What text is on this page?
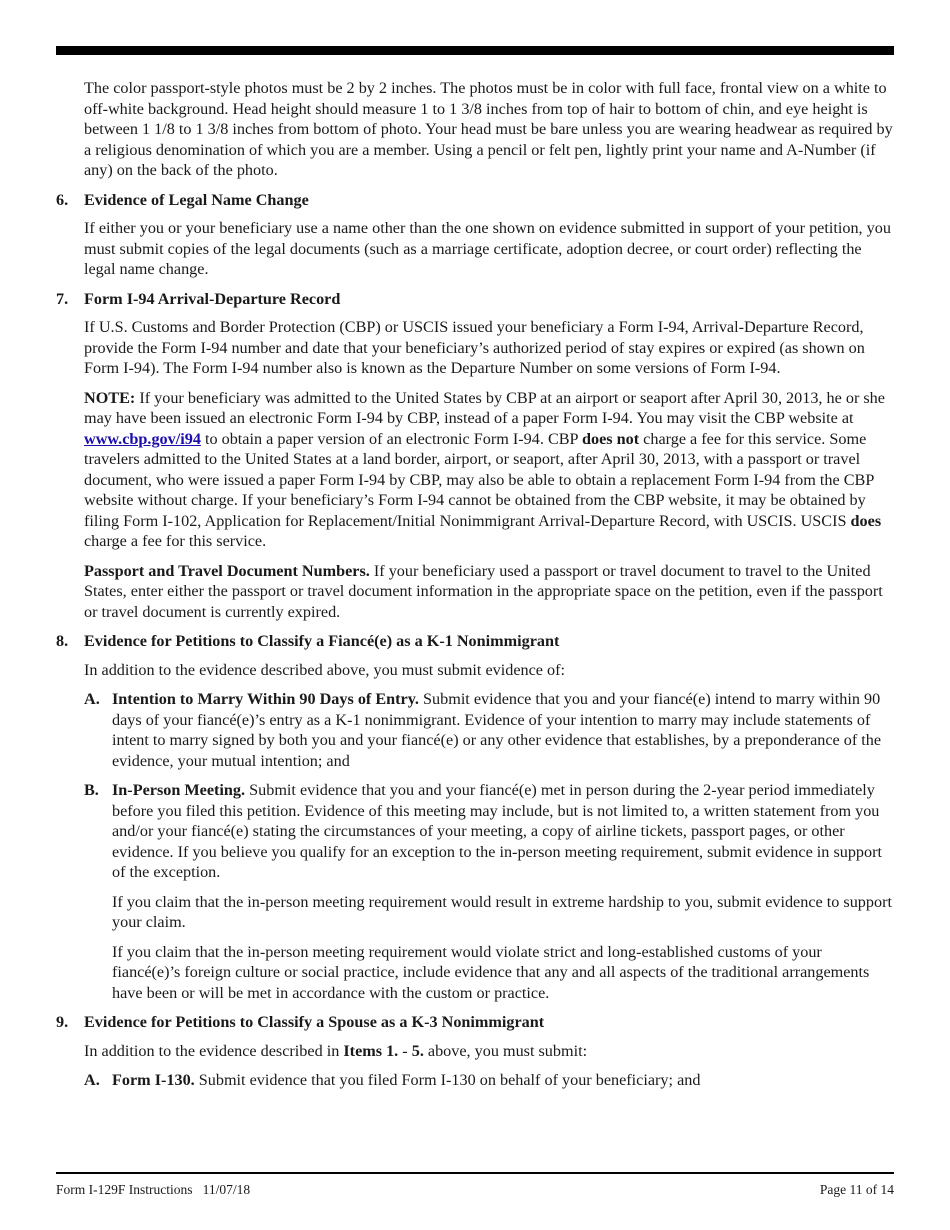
The color passport-style photos must be 2 by 2 inches. The photos must be in color with full face, frontal view on a white to off-white background. Head height should measure 1 to 1 3/8 inches from top of hair to bottom of chin, and eye height is between 1 1/8 to 1 3/8 inches from bottom of photo. Your head must be bare unless you are wearing headwear as required by a religious denomination of which you are a member. Using a pencil or felt pen, lightly print your name and A-Number (if any) on the back of the photo.

6. Evidence of Legal Name Change

If either you or your beneficiary use a name other than the one shown on evidence submitted in support of your petition, you must submit copies of the legal documents (such as a marriage certificate, adoption decree, or court order) reflecting the legal name change.

7. Form I-94 Arrival-Departure Record

If U.S. Customs and Border Protection (CBP) or USCIS issued your beneficiary a Form I-94, Arrival-Departure Record, provide the Form I-94 number and date that your beneficiary’s authorized period of stay expires or expired (as shown on Form I-94). The Form I-94 number also is known as the Departure Number on some versions of Form I-94.

NOTE: If your beneficiary was admitted to the United States by CBP at an airport or seaport after April 30, 2013, he or she may have been issued an electronic Form I-94 by CBP, instead of a paper Form I-94. You may visit the CBP website at www.cbp.gov/i94 to obtain a paper version of an electronic Form I-94. CBP does not charge a fee for this service. Some travelers admitted to the United States at a land border, airport, or seaport, after April 30, 2013, with a passport or travel document, who were issued a paper Form I-94 by CBP, may also be able to obtain a replacement Form I-94 from the CBP website without charge. If your beneficiary’s Form I-94 cannot be obtained from the CBP website, it may be obtained by filing Form I-102, Application for Replacement/Initial Nonimmigrant Arrival-Departure Record, with USCIS. USCIS does charge a fee for this service.

Passport and Travel Document Numbers. If your beneficiary used a passport or travel document to travel to the United States, enter either the passport or travel document information in the appropriate space on the petition, even if the passport or travel document is currently expired.

8. Evidence for Petitions to Classify a Fiancé(e) as a K-1 Nonimmigrant

In addition to the evidence described above, you must submit evidence of:

A. Intention to Marry Within 90 Days of Entry. Submit evidence that you and your fiancé(e) intend to marry within 90 days of your fiancé(e)’s entry as a K-1 nonimmigrant. Evidence of your intention to marry may include statements of intent to marry signed by both you and your fiancé(e) or any other evidence that establishes, by a preponderance of the evidence, your mutual intention; and
B. In-Person Meeting. Submit evidence that you and your fiancé(e) met in person during the 2-year period immediately before you filed this petition. Evidence of this meeting may include, but is not limited to, a written statement from you and/or your fiancé(e) stating the circumstances of your meeting, a copy of airline tickets, passport pages, or other evidence. If you believe you qualify for an exception to the in-person meeting requirement, submit evidence in support of the exception.

If you claim that the in-person meeting requirement would result in extreme hardship to you, submit evidence to support your claim.

If you claim that the in-person meeting requirement would violate strict and long-established customs of your fiancé(e)’s foreign culture or social practice, include evidence that any and all aspects of the traditional arrangements have been or will be met in accordance with the custom or practice.

9. Evidence for Petitions to Classify a Spouse as a K-3 Nonimmigrant

In addition to the evidence described in Items 1. - 5. above, you must submit:

A. Form I-130. Submit evidence that you filed Form I-130 on behalf of your beneficiary; and
Form I-129F Instructions   11/07/18	Page 11 of 14
